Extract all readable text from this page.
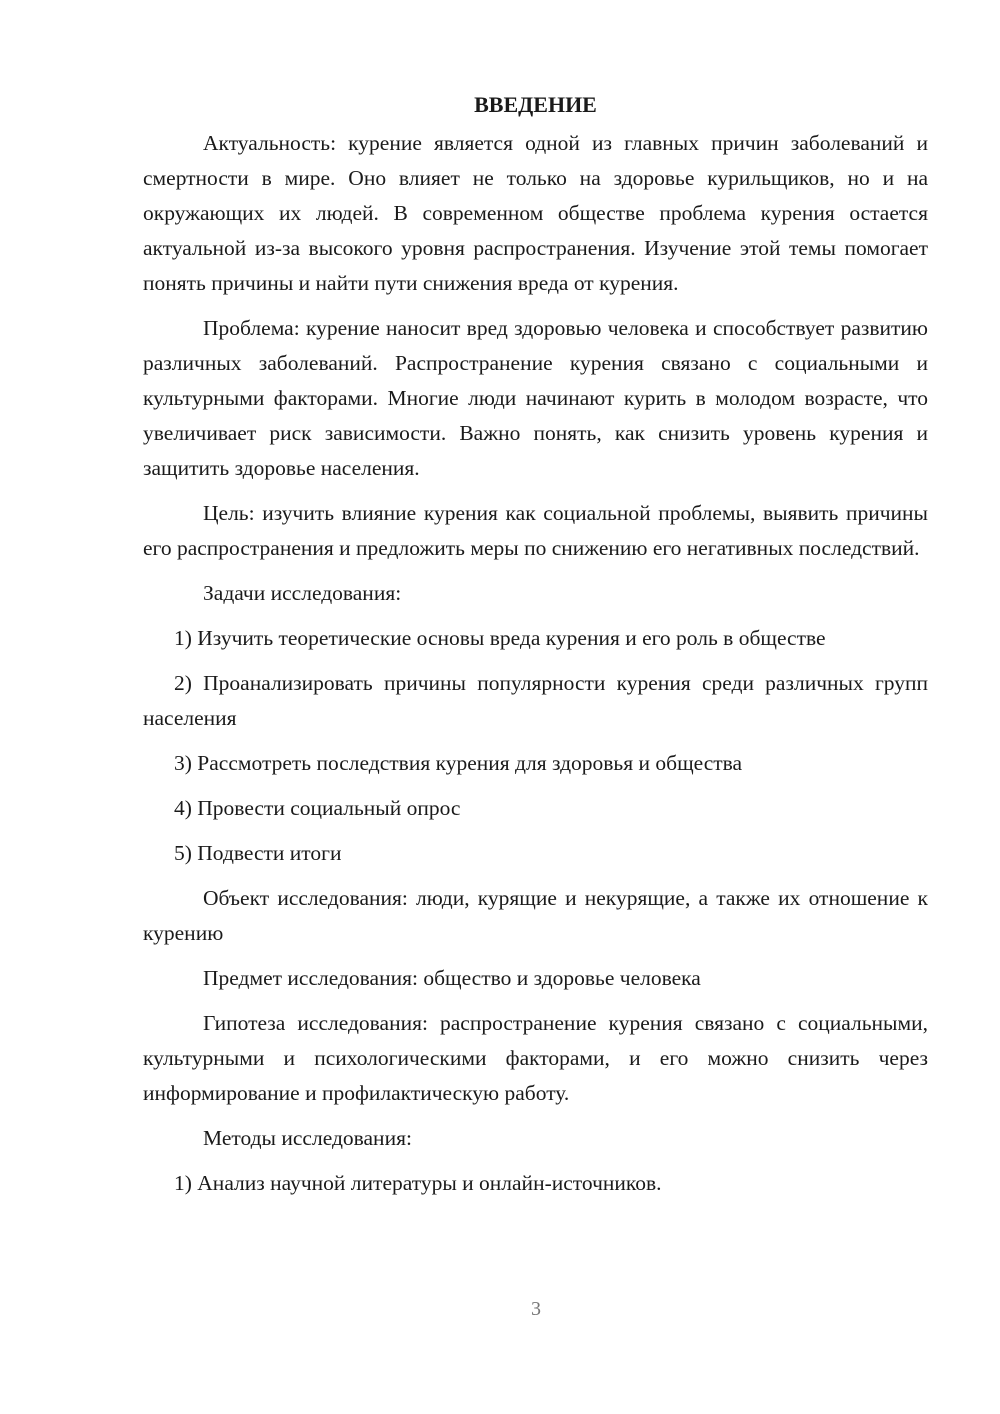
ВВЕДЕНИЕ

Актуальность: курение является одной из главных причин заболеваний и смертности в мире. Оно влияет не только на здоровье курильщиков, но и на окружающих их людей. В современном обществе проблема курения остается актуальной из-за высокого уровня распространения. Изучение этой темы помогает понять причины и найти пути снижения вреда от курения.

Проблема: курение наносит вред здоровью человека и способствует развитию различных заболеваний. Распространение курения связано с социальными и культурными факторами. Многие люди начинают курить в молодом возрасте, что увеличивает риск зависимости. Важно понять, как снизить уровень курения и защитить здоровье населения.

Цель: изучить влияние курения как социальной проблемы, выявить причины его распространения и предложить меры по снижению его негативных последствий.

Задачи исследования:

1) Изучить теоретические основы вреда курения и его роль в обществе

2) Проанализировать причины популярности курения среди различных групп населения

3) Рассмотреть последствия курения для здоровья и общества

4) Провести социальный опрос

5) Подвести итоги

Объект исследования: люди, курящие и некурящие, а также их отношение к курению

Предмет исследования: общество и здоровье человека

Гипотеза исследования: распространение курения связано с социальными, культурными и психологическими факторами, и его можно снизить через информирование и профилактическую работу.

Методы исследования:

1) Анализ научной литературы и онлайн-источников.

3
